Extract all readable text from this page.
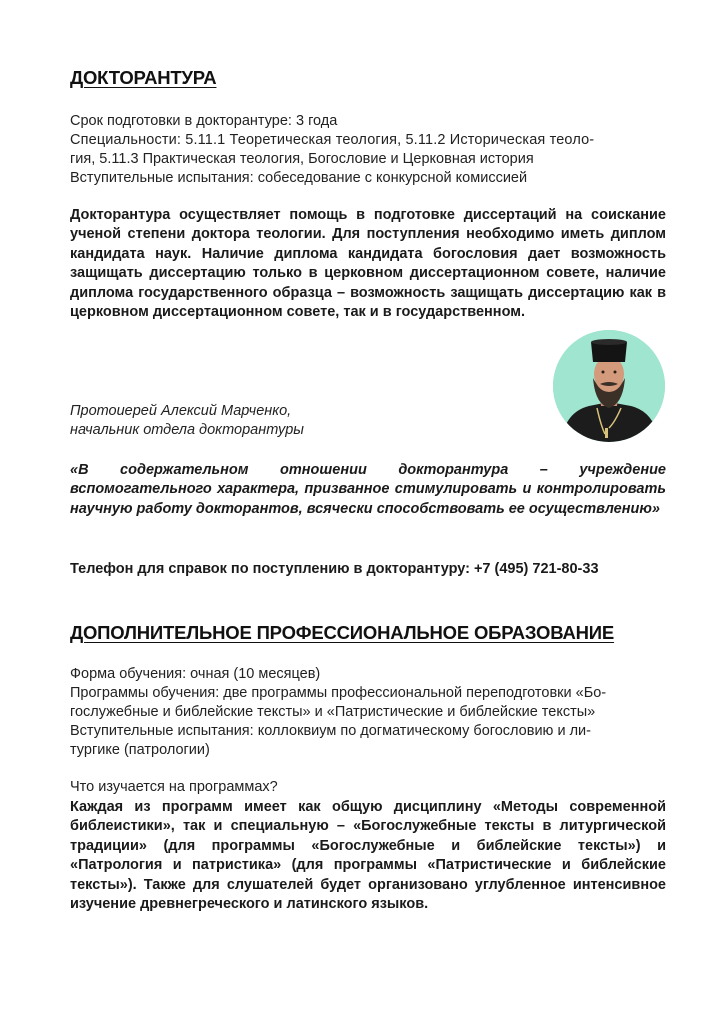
ДОКТОРАНТУРА

Срок подготовки в докторантуре: 3 года

Специальности: 5.11.1 Теоретическая теология, 5.11.2 Историческая теоло-

гия, 5.11.3 Практическая теология, Богословие и Церковная история

Вступительные испытания: собеседование с конкурсной комиссией

Докторантура осуществляет помощь в подготовке диссертаций на соискание ученой степени доктора теологии. Для поступления необходимо иметь диплом кандидата наук. Наличие диплома кандидата богословия дает возможность защищать диссертацию только в церковном диссертационном совете, наличие диплома государственного образца – возможность защищать диссертацию как в церковном диссертационном совете, так и в государственном.

Протоиерей Алексий Марченко,

начальник отдела докторантуры

«В содержательном отношении докторантура – учреждение вспомогательного характера, призванное стимулировать и контролировать научную работу докторантов, всячески способствовать ее осуществлению»

Телефон для справок по поступлению в докторантуру: +7 (495) 721-80-33

ДОПОЛНИТЕЛЬНОЕ ПРОФЕССИОНАЛЬНОЕ ОБРАЗОВАНИЕ

Форма обучения: очная (10 месяцев)

Программы обучения: две программы профессиональной переподготовки «Бо-

гослужебные и библейские тексты» и «Патристические и библейские тексты»

Вступительные испытания: коллоквиум по догматическому богословию и ли-

тургике (патрологии)

Что изучается на программах?

Каждая из программ имеет как общую дисциплину «Методы современной библеистики», так и специальную – «Богослужебные тексты в литургической традиции» (для программы «Богослужебные и библейские тексты») и «Патрология и патристика» (для программы «Патристические и библейские тексты»). Также для слушателей будет организовано углубленное интенсивное изучение древнегреческого и латинского языков.
